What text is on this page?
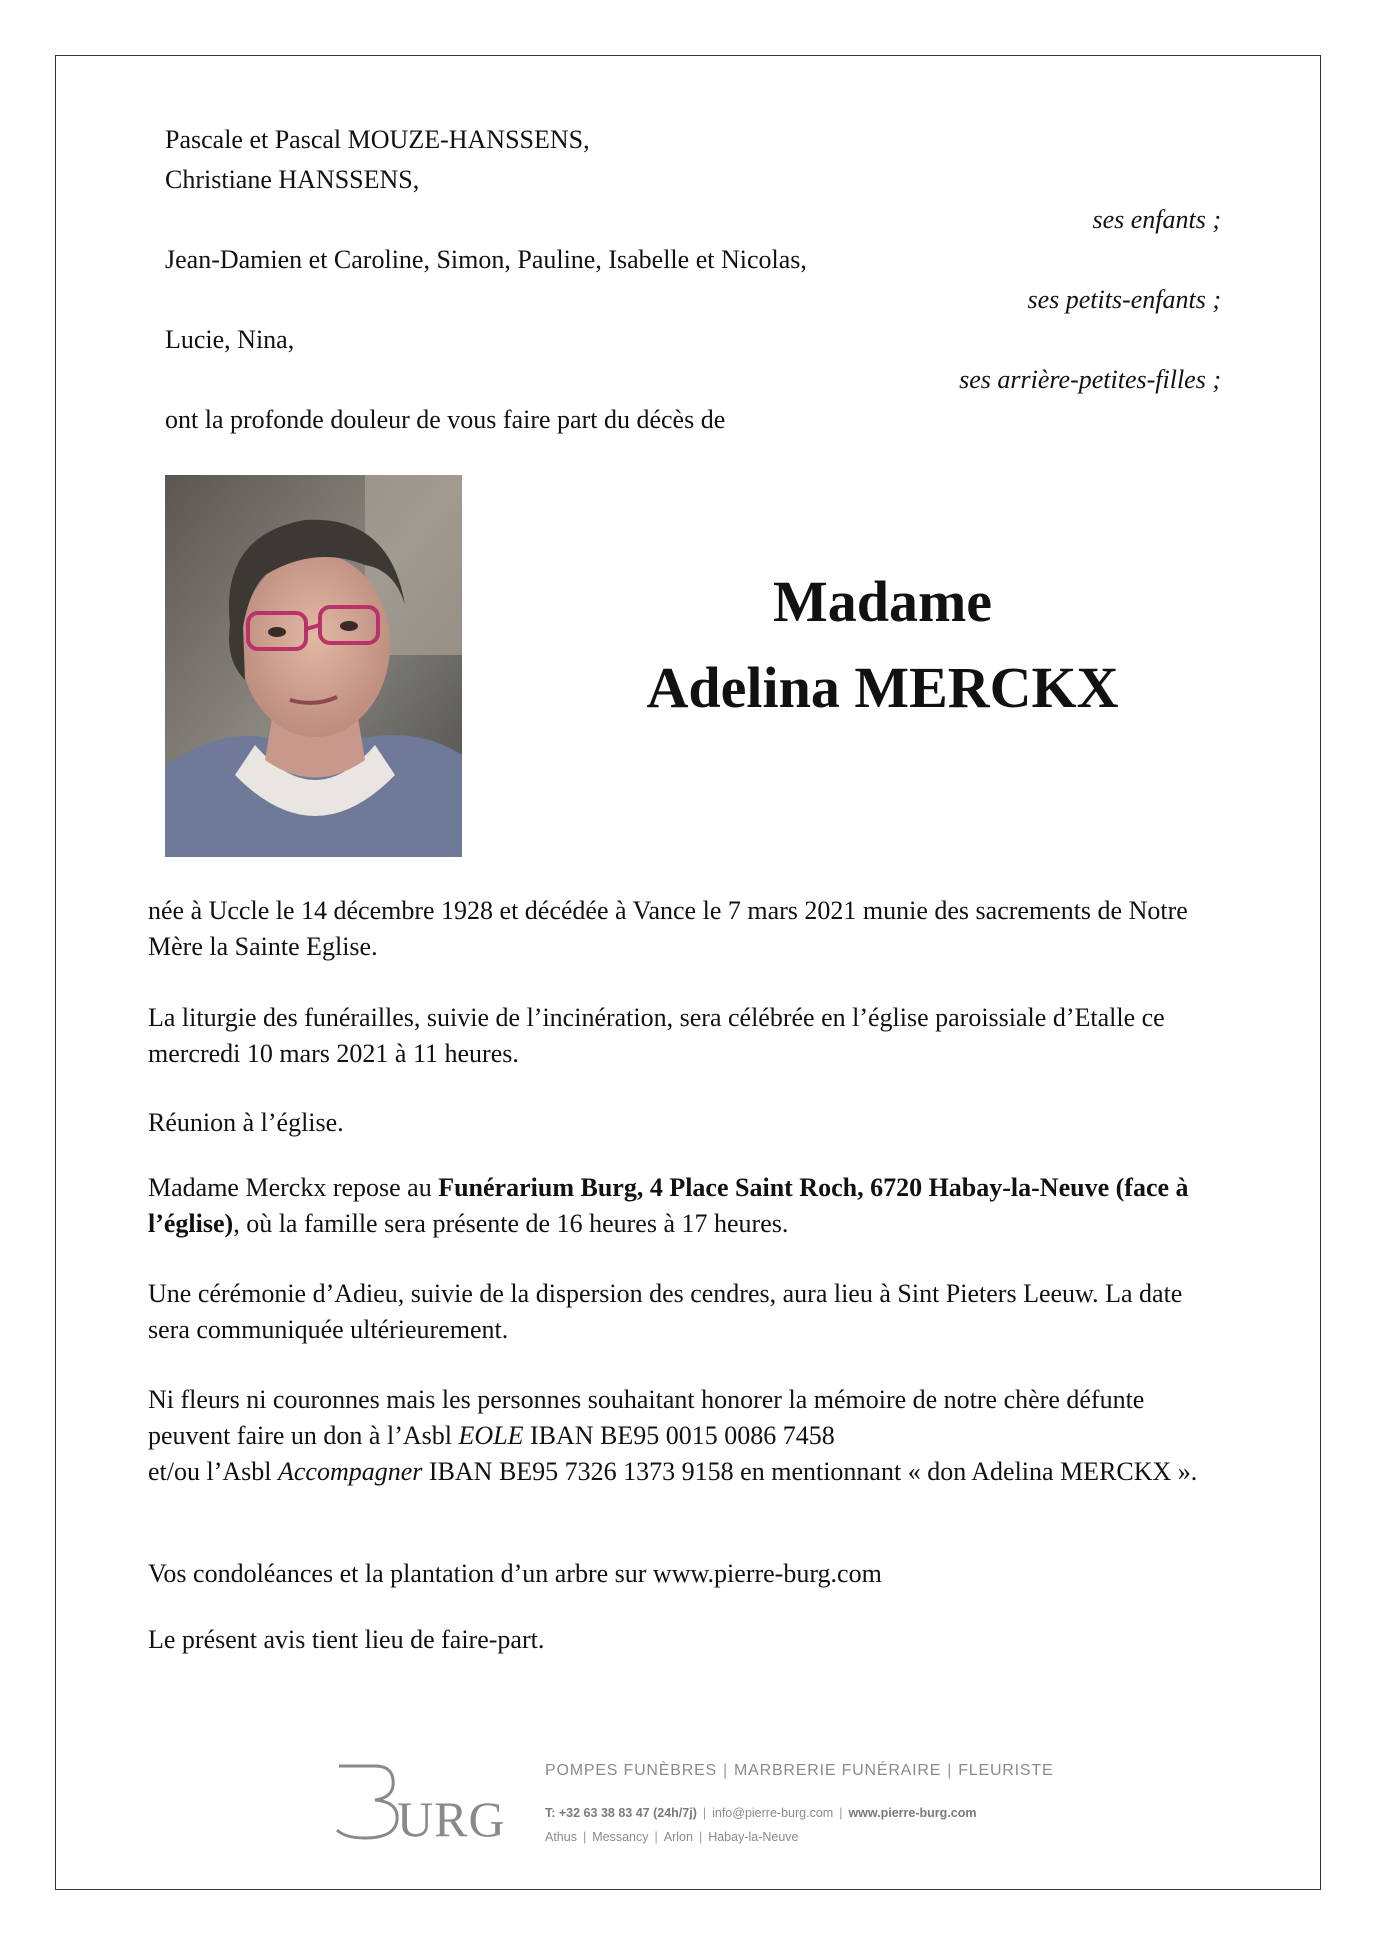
Pascale et Pascal MOUZE-HANSSENS,
Christiane HANSSENS,
ses enfants ;
Jean-Damien et Caroline, Simon, Pauline, Isabelle et Nicolas,
ses petits-enfants ;
Lucie, Nina,
ses arrière-petites-filles ;
ont la profonde douleur de vous faire part du décès de
Madame
Adelina MERCKX

née à Uccle le 14 décembre 1928 et décédée à Vance le 7 mars 2021 munie des sacrements de Notre Mère la Sainte Eglise.

La liturgie des funérailles, suivie de l’incinération, sera célébrée en l’église paroissiale d’Etalle ce mercredi 10 mars 2021 à 11 heures.

Réunion à l’église.

Madame Merckx repose au Funérarium Burg, 4 Place Saint Roch, 6720 Habay-la-Neuve (face à l’église), où la famille sera présente de 16 heures à 17 heures.

Une cérémonie d’Adieu, suivie de la dispersion des cendres, aura lieu à Sint Pieters Leeuw. La date sera communiquée ultérieurement.

Ni fleurs ni couronnes mais les personnes souhaitant honorer la mémoire de notre chère défunte peuvent faire un don à l’Asbl EOLE IBAN BE95 0015 0086 7458
et/ou l’Asbl Accompagner IBAN BE95 7326 1373 9158 en mentionnant « don Adelina MERCKX ».

Vos condoléances et la plantation d’un arbre sur www.pierre-burg.com

Le présent avis tient lieu de faire-part.

URG
POMPES FUNÈBRES | MARBRERIE FUNÉRAIRE | FLEURISTE
T: +32 63 38 83 47 (24h/7j) | info@pierre-burg.com | www.pierre-burg.com
Athus | Messancy | Arlon | Habay-la-Neuve
